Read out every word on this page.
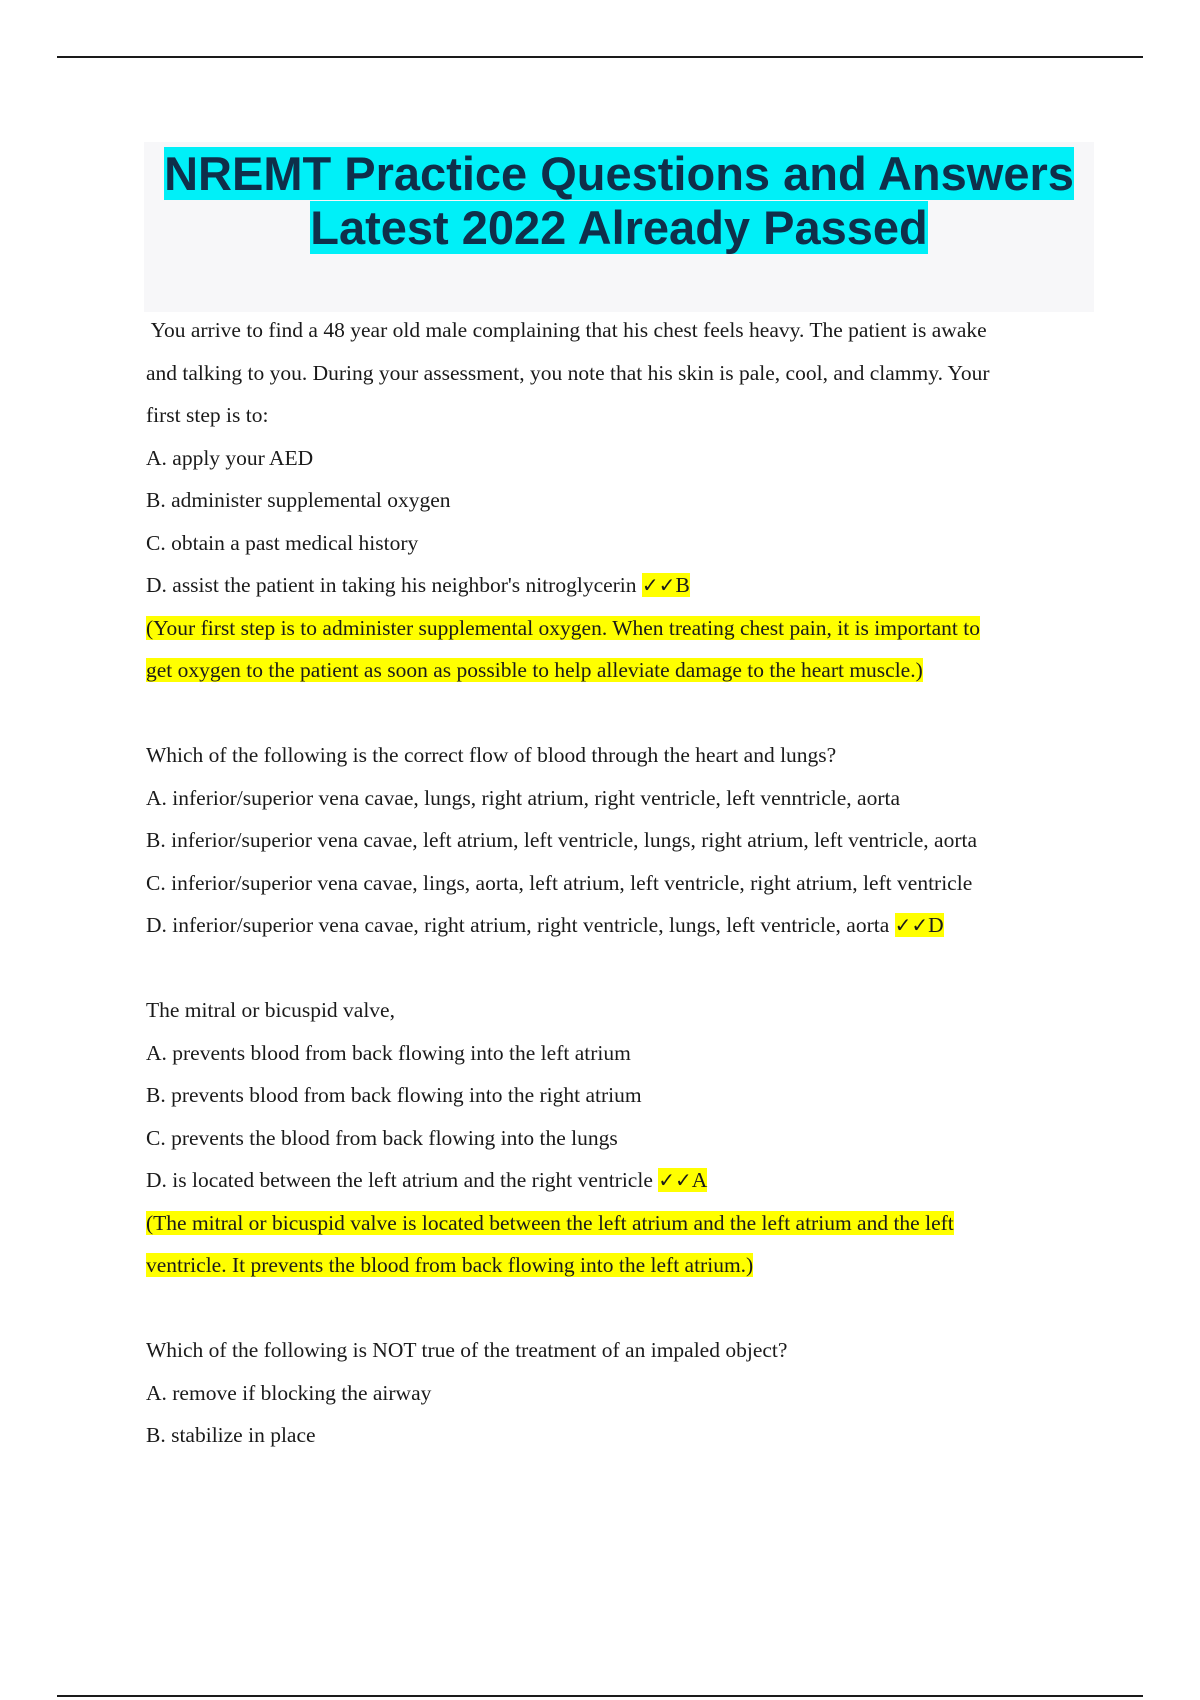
NREMT Practice Questions and Answers
Latest 2022 Already Passed
You arrive to find a 48 year old male complaining that his chest feels heavy. The patient is awake
and talking to you. During your assessment, you note that his skin is pale, cool, and clammy. Your
first step is to:
A. apply your AED
B. administer supplemental oxygen
C. obtain a past medical history
D. assist the patient in taking his neighbor's nitroglycerin ✓✓B
(Your first step is to administer supplemental oxygen. When treating chest pain, it is important to
get oxygen to the patient as soon as possible to help alleviate damage to the heart muscle.)
Which of the following is the correct flow of blood through the heart and lungs?
A. inferior/superior vena cavae, lungs, right atrium, right ventricle, left venntricle, aorta
B. inferior/superior vena cavae, left atrium, left ventricle, lungs, right atrium, left ventricle, aorta
C. inferior/superior vena cavae, lings, aorta, left atrium, left ventricle, right atrium, left ventricle
D. inferior/superior vena cavae, right atrium, right ventricle, lungs, left ventricle, aorta ✓✓D
The mitral or bicuspid valve,
A. prevents blood from back flowing into the left atrium
B. prevents blood from back flowing into the right atrium
C. prevents the blood from back flowing into the lungs
D. is located between the left atrium and the right ventricle ✓✓A
(The mitral or bicuspid valve is located between the left atrium and the left atrium and the left
ventricle. It prevents the blood from back flowing into the left atrium.)
Which of the following is NOT true of the treatment of an impaled object?
A. remove if blocking the airway
B. stabilize in place
